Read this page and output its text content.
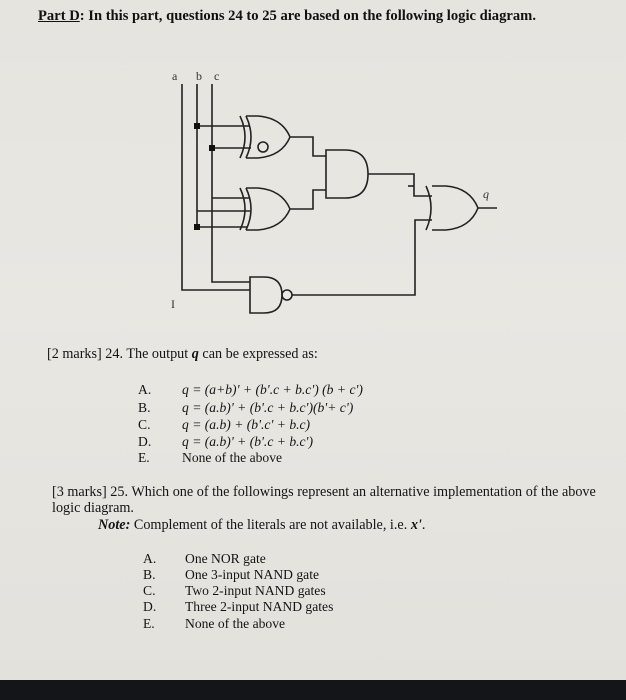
Part D: In this part, questions 24 to 25 are based on the following logic diagram.
a b c
q
I
[2 marks] 24. The output q can be expressed as:
A. q = (a+b)' + (b'.c + b.c') (b + c')
B. q = (a.b)' + (b'.c + b.c')(b'+ c')
C. q = (a.b) + (b'.c' + b.c)
D. q = (a.b)' + (b'.c + b.c')
E. None of the above
[3 marks] 25. Which one of the followings represent an alternative implementation of the above
logic diagram.
Note: Complement of the literals are not available, i.e. x'.
A. One NOR gate
B. One 3-input NAND gate
C. Two 2-input NAND gates
D. Three 2-input NAND gates
E. None of the above
